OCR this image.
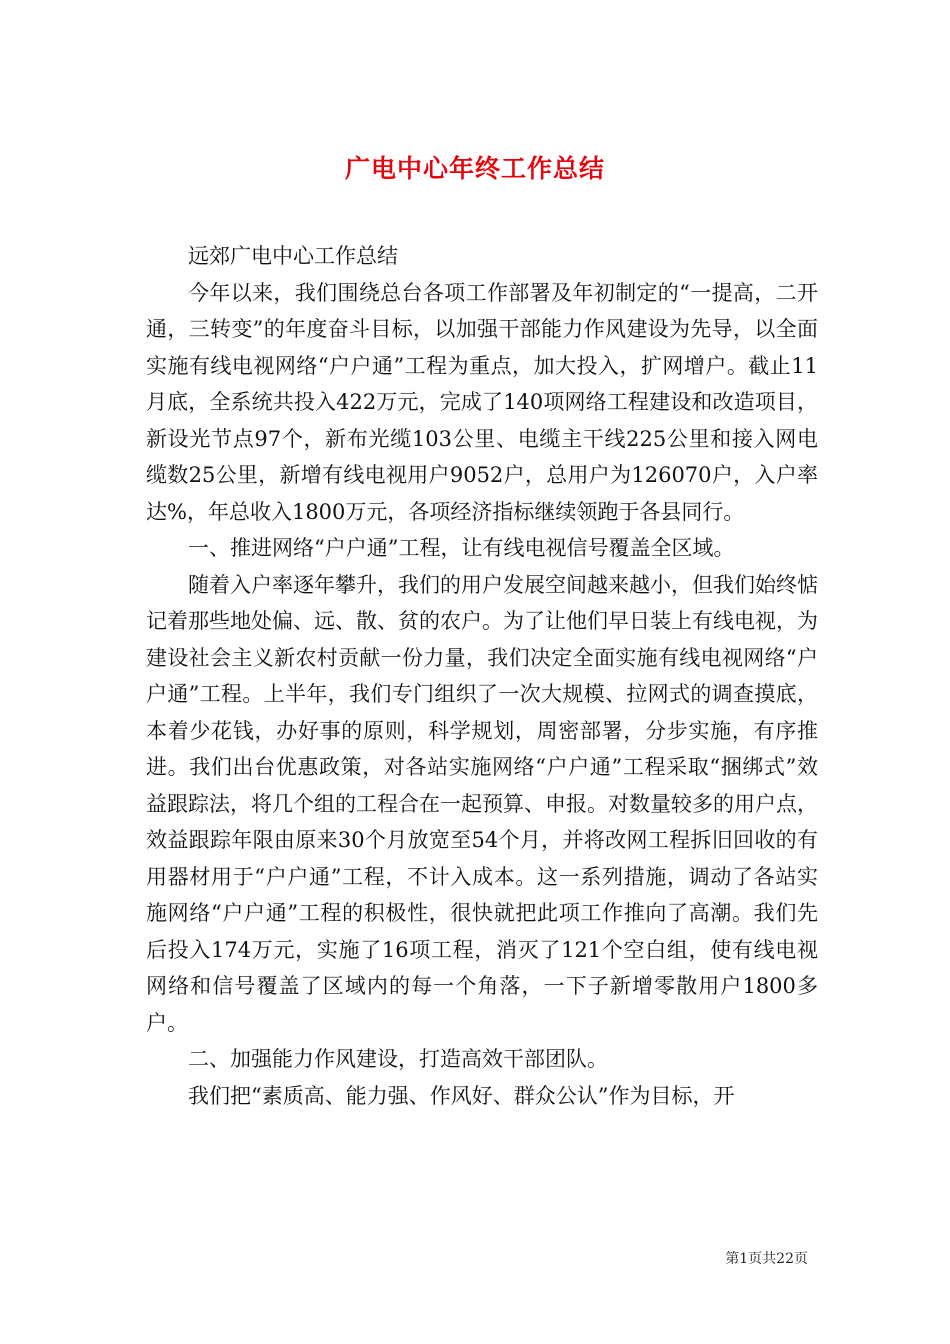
广电中心年终工作总结

远郊广电中心工作总结

今年以来，我们围绕总台各项工作部署及年初制定的“一提高，二开通，三转变”的年度奋斗目标，以加强干部能力作风建设为先导，以全面实施有线电视网络“户户通”工程为重点，加大投入，扩网增户。截止11月底，全系统共投入422万元，完成了140项网络工程建设和改造项目，新设光节点97个，新布光缆103公里、电缆主干线225公里和接入网电缆数25公里，新增有线电视用户9052户，总用户为126070户，入户率达%，年总收入1800万元，各项经济指标继续领跑于各县同行。

一、推进网络“户户通”工程，让有线电视信号覆盖全区域。

随着入户率逐年攀升，我们的用户发展空间越来越小，但我们始终惦记着那些地处偏、远、散、贫的农户。为了让他们早日装上有线电视，为建设社会主义新农村贡献一份力量，我们决定全面实施有线电视网络“户户通”工程。上半年，我们专门组织了一次大规模、拉网式的调查摸底，本着少花钱，办好事的原则，科学规划，周密部署，分步实施，有序推进。我们出台优惠政策，对各站实施网络“户户通”工程采取“捆绑式”效益跟踪法，将几个组的工程合在一起预算、申报。对数量较多的用户点，效益跟踪年限由原来30个月放宽至54个月，并将改网工程拆旧回收的有用器材用于“户户通”工程，不计入成本。这一系列措施，调动了各站实施网络“户户通”工程的积极性，很快就把此项工作推向了高潮。我们先后投入174万元，实施了16项工程，消灭了121个空白组，使有线电视网络和信号覆盖了区域内的每一个角落，一下子新增零散用户1800多户。

二、加强能力作风建设，打造高效干部团队。

我们把“素质高、能力强、作风好、群众公认”作为目标，开

第1页共22页
